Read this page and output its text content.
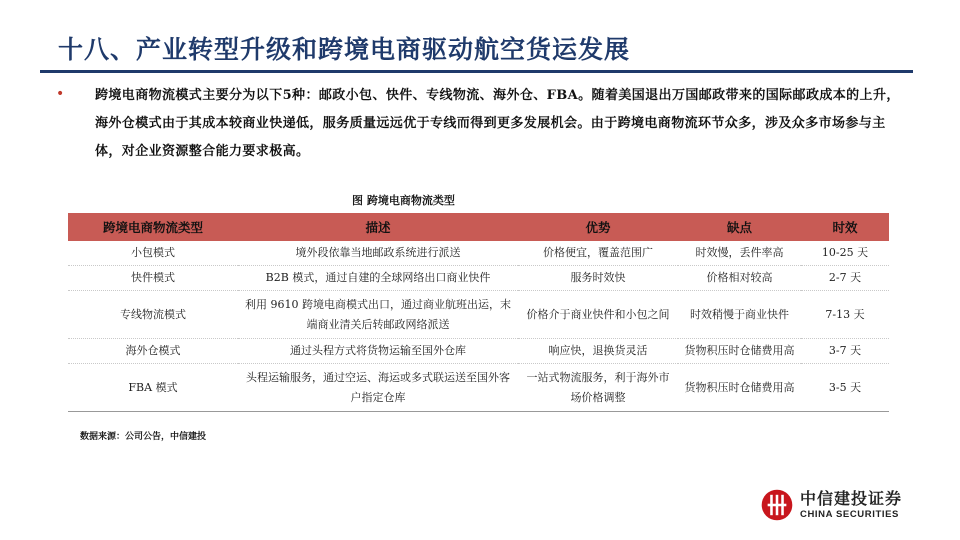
十八、产业转型升级和跨境电商驱动航空货运发展
• 跨境电商物流模式主要分为以下5种：邮政小包、快件、专线物流、海外仓、FBA。随着美国退出万国邮政带来的国际邮政成本的上升，海外仓模式由于其成本较商业快递低，服务质量远远优于专线而得到更多发展机会。由于跨境电商物流环节众多，涉及众多市场参与主体，对企业资源整合能力要求极高。
图 跨境电商物流类型
跨境电商物流类型	描述	优势	缺点	时效
小包模式	境外段依靠当地邮政系统进行派送	价格便宜，覆盖范围广	时效慢，丢件率高	10-25 天
快件模式	B2B 模式，通过自建的全球网络出口商业快件	服务时效快	价格相对较高	2-7 天
专线物流模式	利用 9610 跨境电商模式出口，通过商业航班出运，末端商业清关后转邮政网络派送	价格介于商业快件和小包之间	时效稍慢于商业快件	7-13 天
海外仓模式	通过头程方式将货物运输至国外仓库	响应快，退换货灵活	货物积压时仓储费用高	3-7 天
FBA 模式	头程运输服务，通过空运、海运或多式联运送至国外客户指定仓库	一站式物流服务，利于海外市场价格调整	货物积压时仓储费用高	3-5 天
数据来源：公司公告，中信建投
中信建投证券
CHINA SECURITIES
